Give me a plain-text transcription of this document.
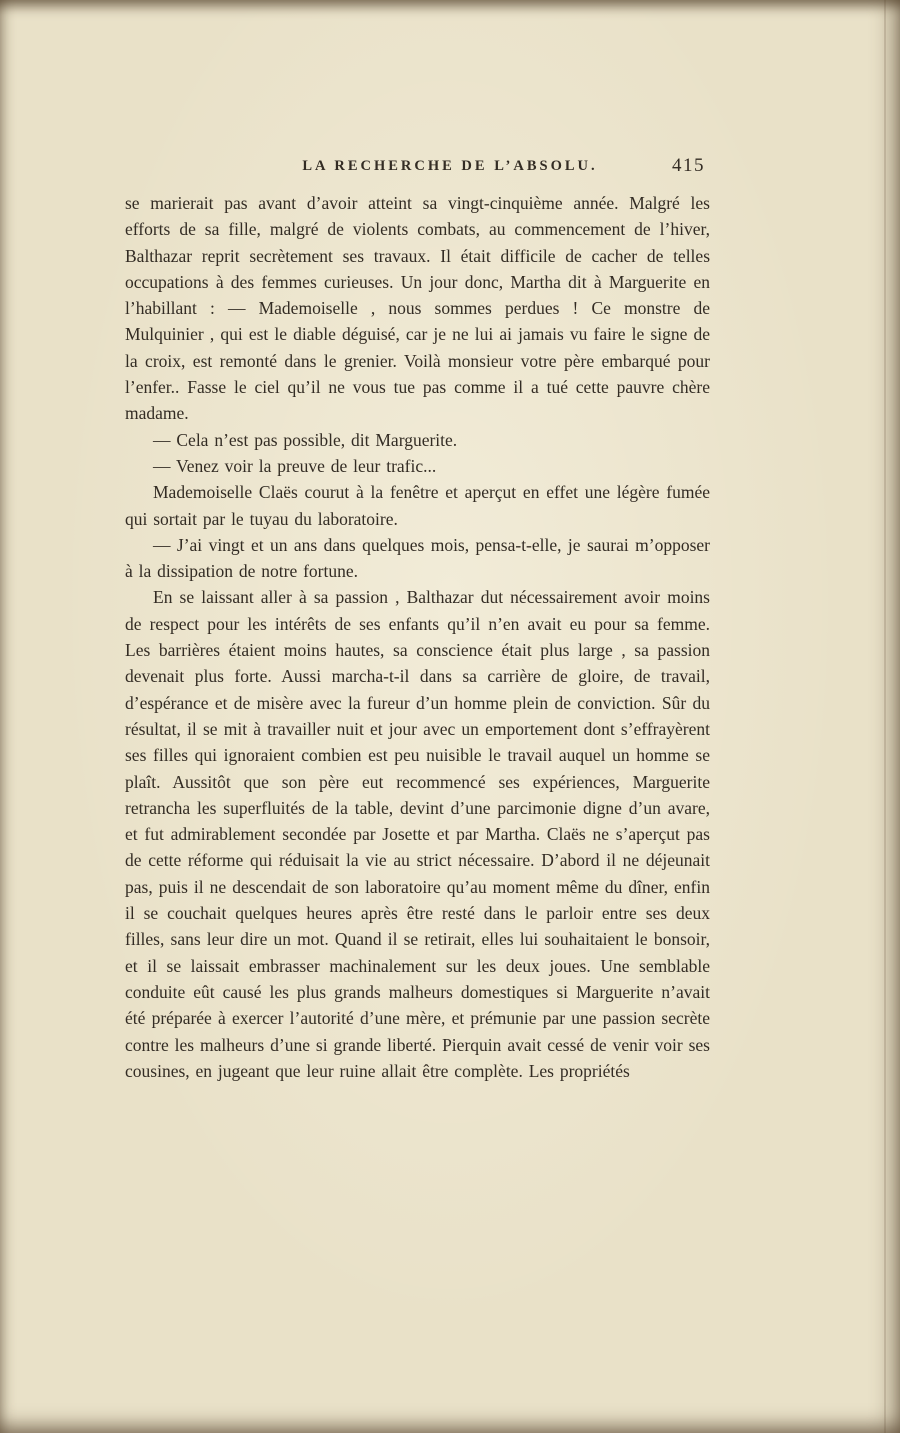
LA RECHERCHE DE L’ABSOLU.	415

se marierait pas avant d’avoir atteint sa vingt-cinquième année. Malgré les efforts de sa fille, malgré de violents combats, au commencement de l’hiver, Balthazar reprit secrètement ses travaux. Il était difficile de cacher de telles occupations à des femmes curieuses. Un jour donc, Martha dit à Marguerite en l’habillant : — Mademoiselle , nous sommes perdues ! Ce monstre de Mulquinier , qui est le diable déguisé, car je ne lui ai jamais vu faire le signe de la croix, est remonté dans le grenier. Voilà monsieur votre père embarqué pour l’enfer.. Fasse le ciel qu’il ne vous tue pas comme il a tué cette pauvre chère madame.

— Cela n’est pas possible, dit Marguerite.

— Venez voir la preuve de leur trafic...

Mademoiselle Claës courut à la fenêtre et aperçut en effet une légère fumée qui sortait par le tuyau du laboratoire.

— J’ai vingt et un ans dans quelques mois, pensa-t-elle, je saurai m’opposer à la dissipation de notre fortune.

En se laissant aller à sa passion , Balthazar dut nécessairement avoir moins de respect pour les intérêts de ses enfants qu’il n’en avait eu pour sa femme. Les barrières étaient moins hautes, sa conscience était plus large , sa passion devenait plus forte. Aussi marcha-t-il dans sa carrière de gloire, de travail, d’espérance et de misère avec la fureur d’un homme plein de conviction. Sûr du résultat, il se mit à travailler nuit et jour avec un emportement dont s’effrayèrent ses filles qui ignoraient combien est peu nuisible le travail auquel un homme se plaît. Aussitôt que son père eut recommencé ses expériences, Marguerite retrancha les superfluités de la table, devint d’une parcimonie digne d’un avare, et fut admirablement secondée par Josette et par Martha. Claës ne s’aperçut pas de cette réforme qui réduisait la vie au strict nécessaire. D’abord il ne déjeunait pas, puis il ne descendait de son laboratoire qu’au moment même du dîner, enfin il se couchait quelques heures après être resté dans le parloir entre ses deux filles, sans leur dire un mot. Quand il se retirait, elles lui souhaitaient le bonsoir, et il se laissait embrasser machinalement sur les deux joues. Une semblable conduite eût causé les plus grands malheurs domestiques si Marguerite n’avait été préparée à exercer l’autorité d’une mère, et prémunie par une passion secrète contre les malheurs d’une si grande liberté. Pierquin avait cessé de venir voir ses cousines, en jugeant que leur ruine allait être complète. Les propriétés
